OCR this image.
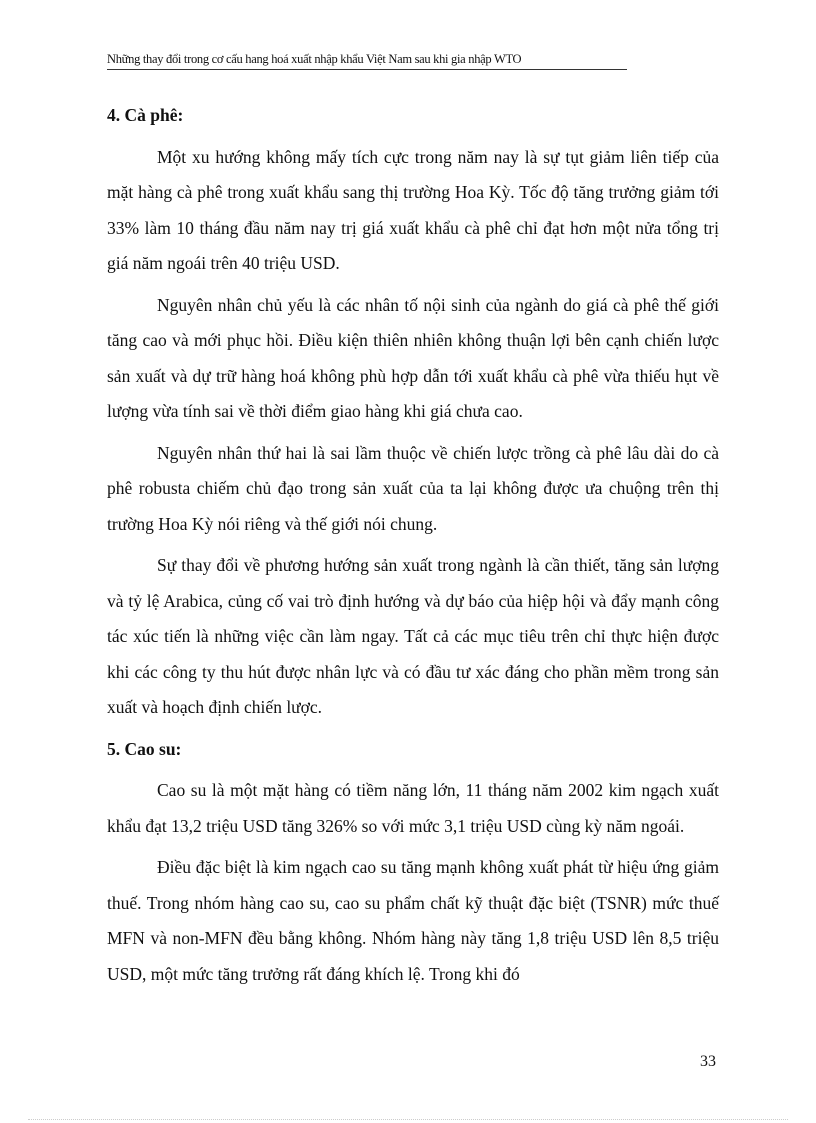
Những thay đổi trong cơ cấu hang hoá xuất nhập khẩu Việt Nam sau khi gia nhập WTO

4. Cà phê:

Một xu hướng không mấy tích cực trong năm nay là sự tụt giảm liên tiếp của mặt hàng cà phê trong xuất khẩu sang thị trường Hoa Kỳ. Tốc độ tăng trưởng giảm tới 33% làm 10 tháng đầu năm nay trị giá xuất khẩu cà phê chỉ đạt hơn một nửa tổng trị giá năm ngoái trên 40 triệu USD.

Nguyên nhân chủ yếu là các nhân tố nội sinh của ngành do giá cà phê thế giới tăng cao và mới phục hồi. Điều kiện thiên nhiên không thuận lợi bên cạnh chiến lược sản xuất và dự trữ hàng hoá không phù hợp dẫn tới xuất khẩu cà phê vừa thiếu hụt về lượng vừa tính sai về thời điểm giao hàng khi giá chưa cao.

Nguyên nhân thứ hai là sai lầm thuộc về chiến lược trồng cà phê lâu dài do cà phê robusta chiếm chủ đạo trong sản xuất của ta lại không được ưa chuộng trên thị trường Hoa Kỳ nói riêng và thế giới nói chung.

Sự thay đổi về phương hướng sản xuất trong ngành là cần thiết, tăng sản lượng và tỷ lệ Arabica, củng cố vai trò định hướng và dự báo của hiệp hội và đẩy mạnh công tác xúc tiến là những việc cần làm ngay. Tất cả các mục tiêu trên chỉ thực hiện được khi các công ty thu hút được nhân lực và có đầu tư xác đáng cho phần mềm trong sản xuất và hoạch định chiến lược.

5. Cao su:

Cao su là một mặt hàng có tiềm năng lớn, 11 tháng năm 2002 kim ngạch xuất khẩu đạt 13,2 triệu USD tăng 326% so với mức 3,1 triệu USD cùng kỳ năm ngoái.

Điều đặc biệt là kim ngạch cao su tăng mạnh không xuất phát từ hiệu ứng giảm thuế. Trong nhóm hàng cao su, cao su phẩm chất kỹ thuật đặc biệt (TSNR) mức thuế MFN và non-MFN đều bằng không. Nhóm hàng này tăng 1,8 triệu USD lên 8,5 triệu USD, một mức tăng trưởng rất đáng khích lệ. Trong khi đó

33
